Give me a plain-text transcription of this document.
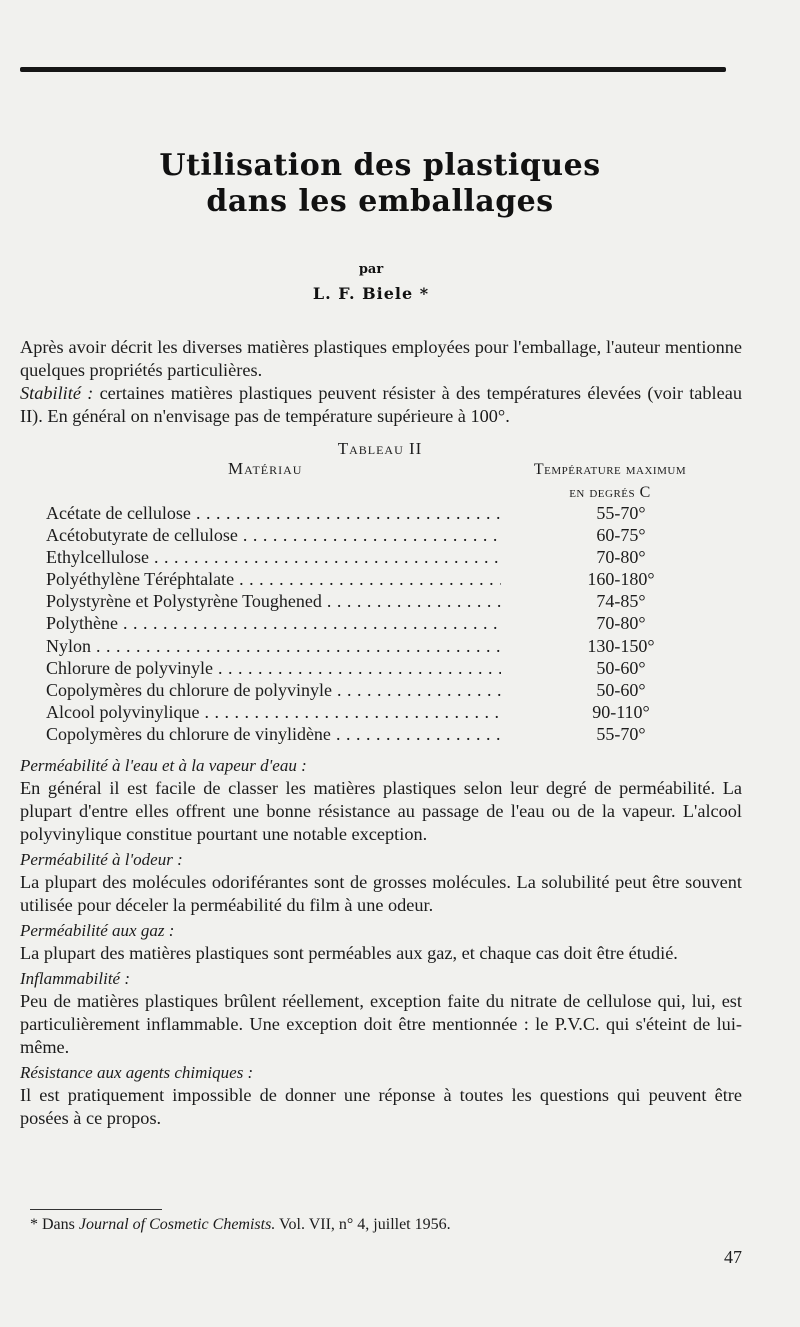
Utilisation des plastiques
dans les emballages
par
L. F. Biele *

Après avoir décrit les diverses matières plastiques employées pour l'emballage, l'auteur mentionne quelques propriétés particulières.

Stabilité : certaines matières plastiques peuvent résister à des températures élevées (voir tableau II). En général on n'envisage pas de température supérieure à 100°.

Tableau II
Matériau	Température maximum
en degrés C
Acétate de cellulose . . .	55-70°
Acétobutyrate de cellulose . . .	60-75°
Ethylcellulose . . .	70-80°
Polyéthylène Téréphtalate . . .	160-180°
Polystyrène et Polystyrène Toughened . . .	74-85°
Polythène . . .	70-80°
Nylon . . .	130-150°
Chlorure de polyvinyle . . .	50-60°
Copolymères du chlorure de polyvinyle . . .	50-60°
Alcool polyvinylique . . .	90-110°
Copolymères du chlorure de vinylidène . . .	55-70°
Perméabilité à l'eau et à la vapeur d'eau :

En général il est facile de classer les matières plastiques selon leur degré de perméabilité. La plupart d'entre elles offrent une bonne résistance au passage de l'eau ou de la vapeur. L'alcool polyvinylique constitue pourtant une notable exception.

Perméabilité à l'odeur :

La plupart des molécules odoriférantes sont de grosses molécules. La solubilité peut être souvent utilisée pour déceler la perméabilité du film à une odeur.

Perméabilité aux gaz :

La plupart des matières plastiques sont perméables aux gaz, et chaque cas doit être étudié.

Inflammabilité :

Peu de matières plastiques brûlent réellement, exception faite du nitrate de cellulose qui, lui, est particulièrement inflammable. Une exception doit être mentionnée : le P.V.C. qui s'éteint de lui-même.

Résistance aux agents chimiques :

Il est pratiquement impossible de donner une réponse à toutes les questions qui peuvent être posées à ce propos.

* Dans Journal of Cosmetic Chemists. Vol. VII, n° 4, juillet 1956.
47
